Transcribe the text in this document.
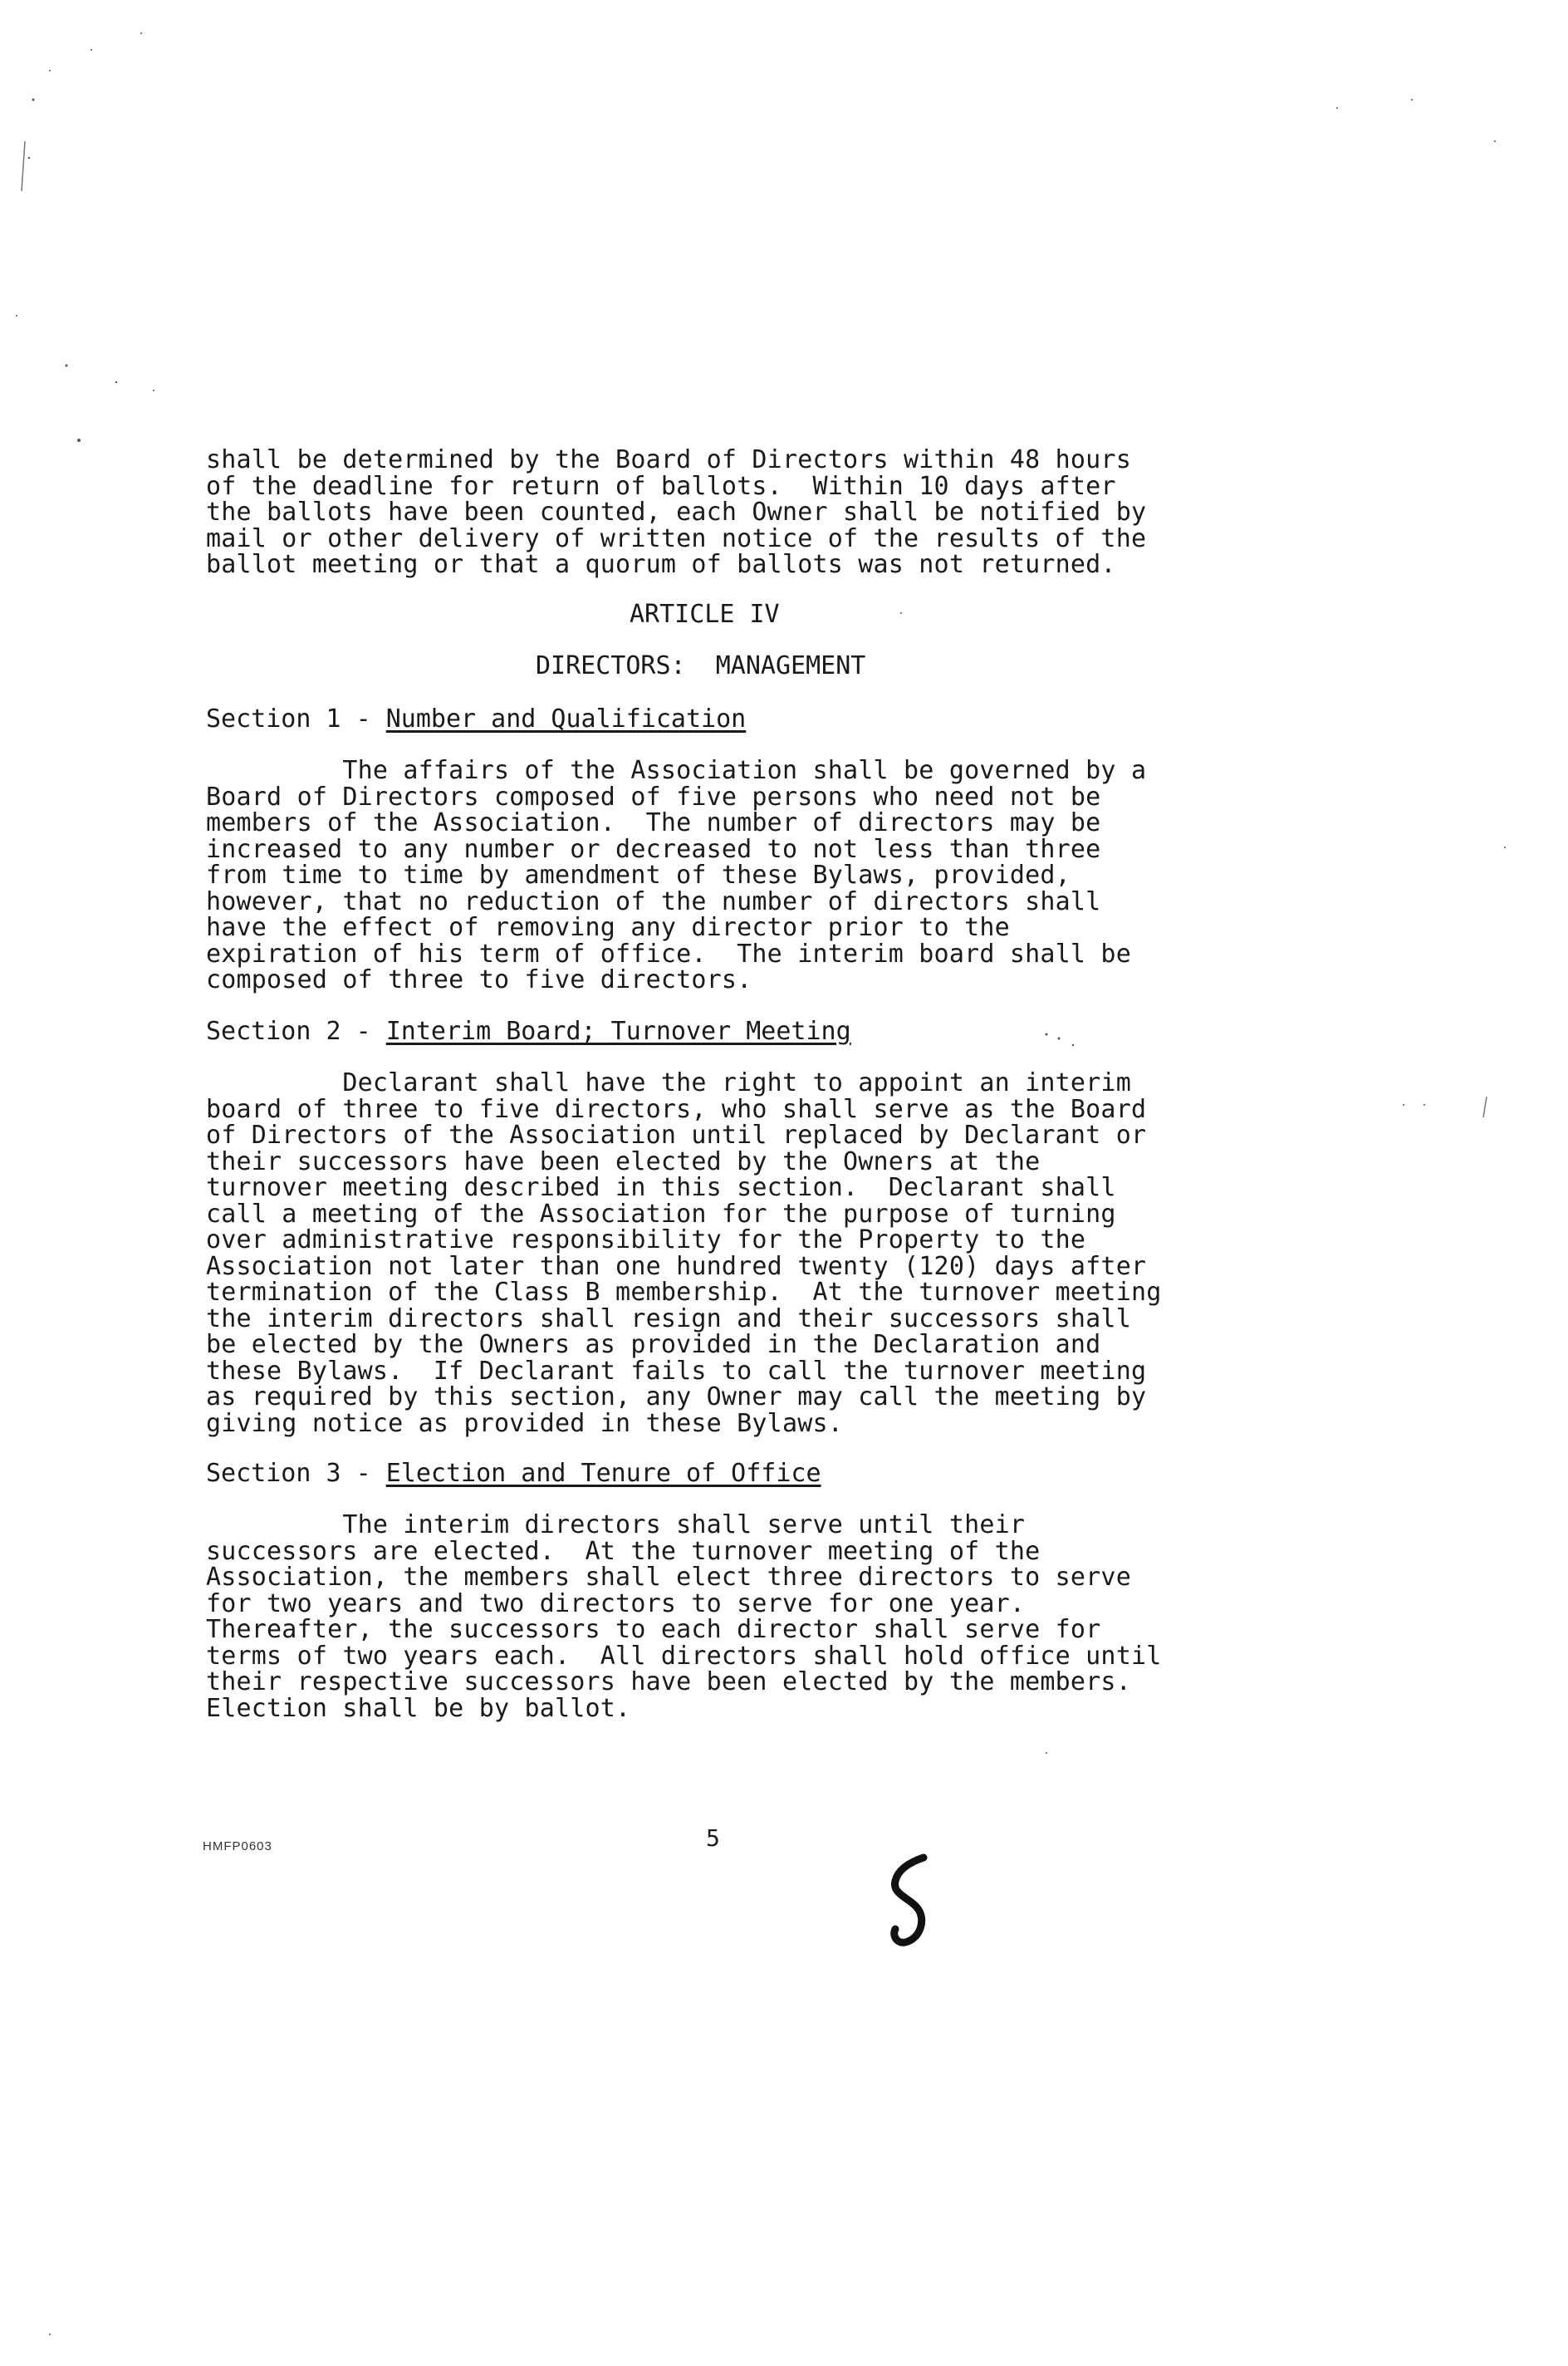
shall be determined by the Board of Directors within 48 hours
of the deadline for return of ballots.  Within 10 days after
the ballots have been counted, each Owner shall be notified by
mail or other delivery of written notice of the results of the
ballot meeting or that a quorum of ballots was not returned.
ARTICLE IV
DIRECTORS:  MANAGEMENT
Section 1 - Number and Qualification
The affairs of the Association shall be governed by a
Board of Directors composed of five persons who need not be
members of the Association.  The number of directors may be
increased to any number or decreased to not less than three
from time to time by amendment of these Bylaws, provided,
however, that no reduction of the number of directors shall
have the effect of removing any director prior to the
expiration of his term of office.  The interim board shall be
composed of three to five directors.
Section 2 - Interim Board; Turnover Meeting
Declarant shall have the right to appoint an interim
board of three to five directors, who shall serve as the Board
of Directors of the Association until replaced by Declarant or
their successors have been elected by the Owners at the
turnover meeting described in this section.  Declarant shall
call a meeting of the Association for the purpose of turning
over administrative responsibility for the Property to the
Association not later than one hundred twenty (120) days after
termination of the Class B membership.  At the turnover meeting
the interim directors shall resign and their successors shall
be elected by the Owners as provided in the Declaration and
these Bylaws.  If Declarant fails to call the turnover meeting
as required by this section, any Owner may call the meeting by
giving notice as provided in these Bylaws.
Section 3 - Election and Tenure of Office
The interim directors shall serve until their
successors are elected.  At the turnover meeting of the
Association, the members shall elect three directors to serve
for two years and two directors to serve for one year.
Thereafter, the successors to each director shall serve for
terms of two years each.  All directors shall hold office until
their respective successors have been elected by the members.
Election shall be by ballot.
HMFP0603	5
